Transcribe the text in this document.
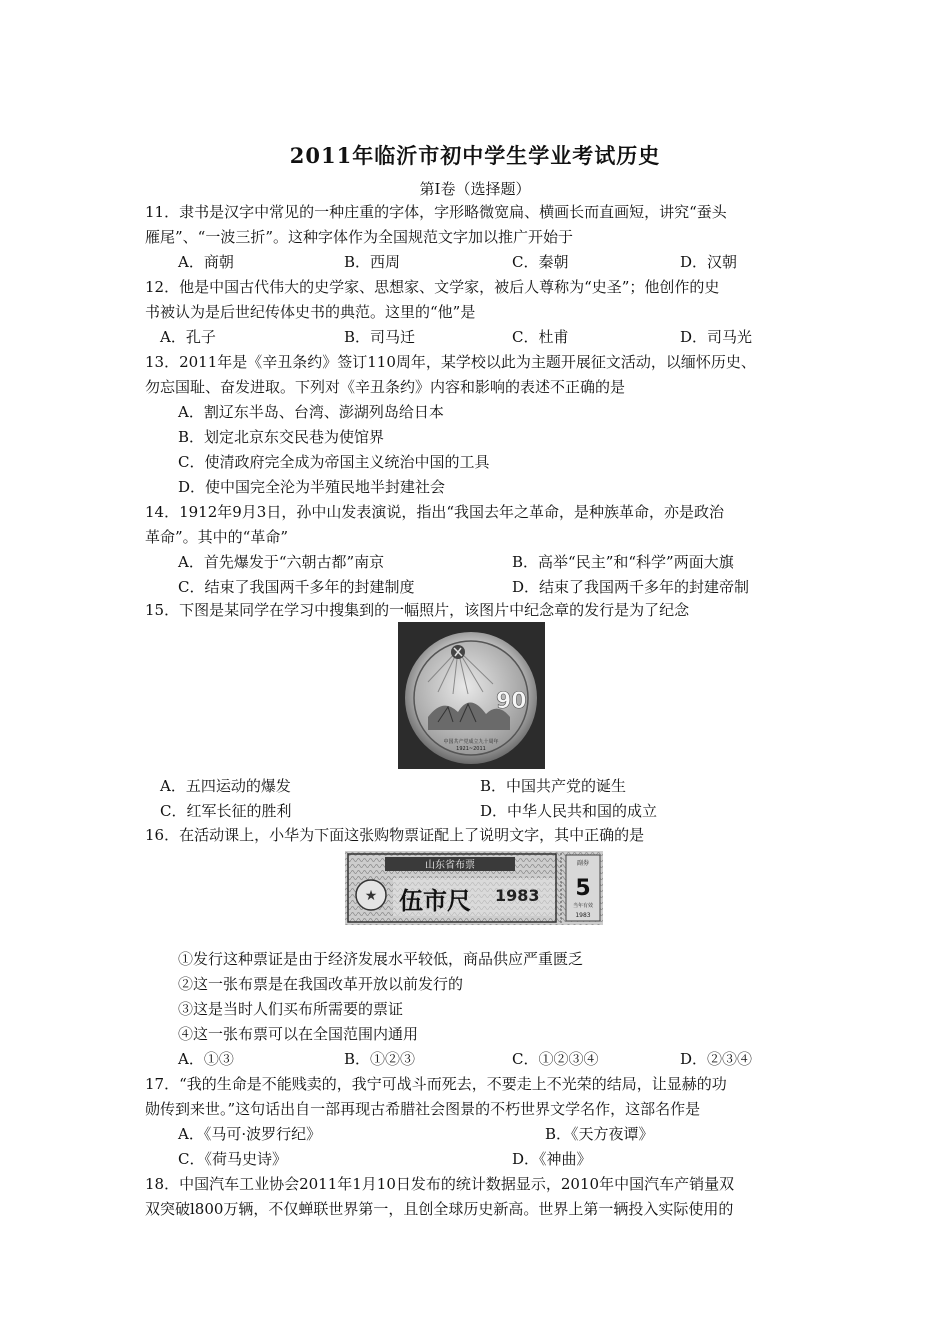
2011年临沂市初中学生学业考试历史
第Ⅰ卷（选择题）
11．隶书是汉字中常见的一种庄重的字体，字形略微宽扁、横画长而直画短，讲究“蚕头
雁尾”、“一波三折”。这种字体作为全国规范文字加以推广开始于
A．商朝	B．西周	C．秦朝	D．汉朝
12．他是中国古代伟大的史学家、思想家、文学家，被后人尊称为“史圣”；他创作的史
书被认为是后世纪传体史书的典范。这里的“他”是
A．孔子	B．司马迁	C．杜甫	D．司马光
13．2011年是《辛丑条约》签订110周年，某学校以此为主题开展征文活动，以缅怀历史、
勿忘国耻、奋发进取。下列对《辛丑条约》内容和影响的表述不正确的是
A．割辽东半岛、台湾、澎湖列岛给日本
B．划定北京东交民巷为使馆界
C．使清政府完全成为帝国主义统治中国的工具
D．使中国完全沦为半殖民地半封建社会
14．1912年9月3日，孙中山发表演说，指出“我国去年之革命，是种族革命，亦是政治
革命”。其中的“革命”
A．首先爆发于“六朝古都”南京	B．高举“民主”和“科学”两面大旗
C．结束了我国两千多年的封建制度	D．结束了我国两千多年的封建帝制
15．下图是某同学在学习中搜集到的一幅照片，该图片中纪念章的发行是为了纪念
90
中国共产党成立九十周年
1921~2011
A．五四运动的爆发	B．中国共产党的诞生
C．红军长征的胜利	D．中华人民共和国的成立
16．在活动课上，小华为下面这张购物票证配上了说明文字，其中正确的是
山东省布票
★ 伍市尺 1983
副券
5
当年有效
1983
①发行这种票证是由于经济发展水平较低，商品供应严重匮乏
②这一张布票是在我国改革开放以前发行的
③这是当时人们买布所需要的票证
④这一张布票可以在全国范围内通用
A．①③	B．①②③	C．①②③④	D．②③④
17．“我的生命是不能贱卖的，我宁可战斗而死去，不要走上不光荣的结局，让显赫的功
勋传到来世。”这句话出自一部再现古希腊社会图景的不朽世界文学名作，这部名作是
A．《马可·波罗行纪》	B．《天方夜谭》
C．《荷马史诗》	D．《神曲》
18．中国汽车工业协会2011年1月10日发布的统计数据显示，2010年中国汽车产销量双
双突破l800万辆，不仅蝉联世界第一，且创全球历史新高。世界上第一辆投入实际使用的
